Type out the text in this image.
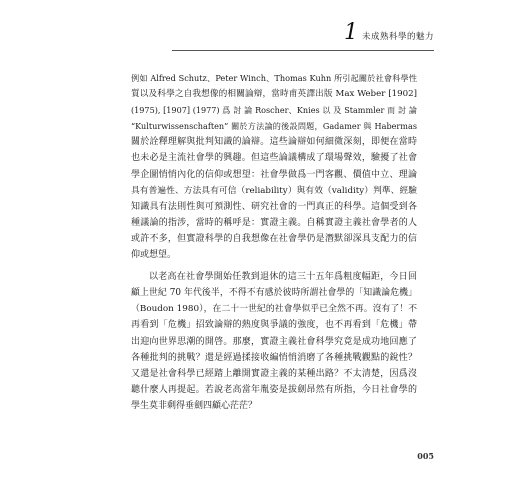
1 未成熟科學的魅力
例如 Alfred Schutz、Peter Winch、Thomas Kuhn 所引起關於社會科學性
質以及科學之自我想像的相關論辯，當時甫英譯出版 Max Weber [1902]
(1975), [1907] (1977) 爲 討 論 Roscher、Knies 以 及 Stammler 而 討 論
“Kulturwissenschaften” 關於方法論的後設問題，Gadamer 與 Habermas
關於詮釋理解與批判知識的論辯。這些論辯如何細微深刻，即便在當時
也未必是主流社會學的興趣。但這些論議構成了環場聲效，驗擾了社會
學企圖悄悄內化的信仰或想望：社會學做爲一門客觀、價值中立、理論
具有普遍性、方法具有可信（reliability）與有效（validity）判準、經驗
知識具有法則性與可預測性、研究社會的一門真正的科學。這個受到各
種議論的指涉，當時的稱呼是：實證主義。自稱實證主義社會學者的人
或許不多，但實證科學的自我想像在社會學仍是潛默卻深具支配力的信
仰或想望。
以老高在社會學開始任教到退休的這三十五年爲粗度幅距，今日回
顧上世紀 70 年代後半，不得不有感於彼時所謂社會學的「知識論危機」
（Boudon 1980），在二十一世紀的社會學似乎已全然不再。沒有了！不
再看到「危機」招致論辯的熱度與爭議的強度，也不再看到「危機」帶
出迎向世界思潮的開啓。那麼，實證主義社會科學究竟是成功地回應了
各種批判的挑戰？還是經過揉接收編悄悄消磨了各種挑戰觀點的銳性？
又還是社會科學已經踏上離開實證主義的某種出路？不太清楚，因爲沒
聽什麼人再提起。若說老高當年胤姿是拔劍昂然有所指，今日社會學的
學生莫非剩得垂劍四顧心茫茫？
005
